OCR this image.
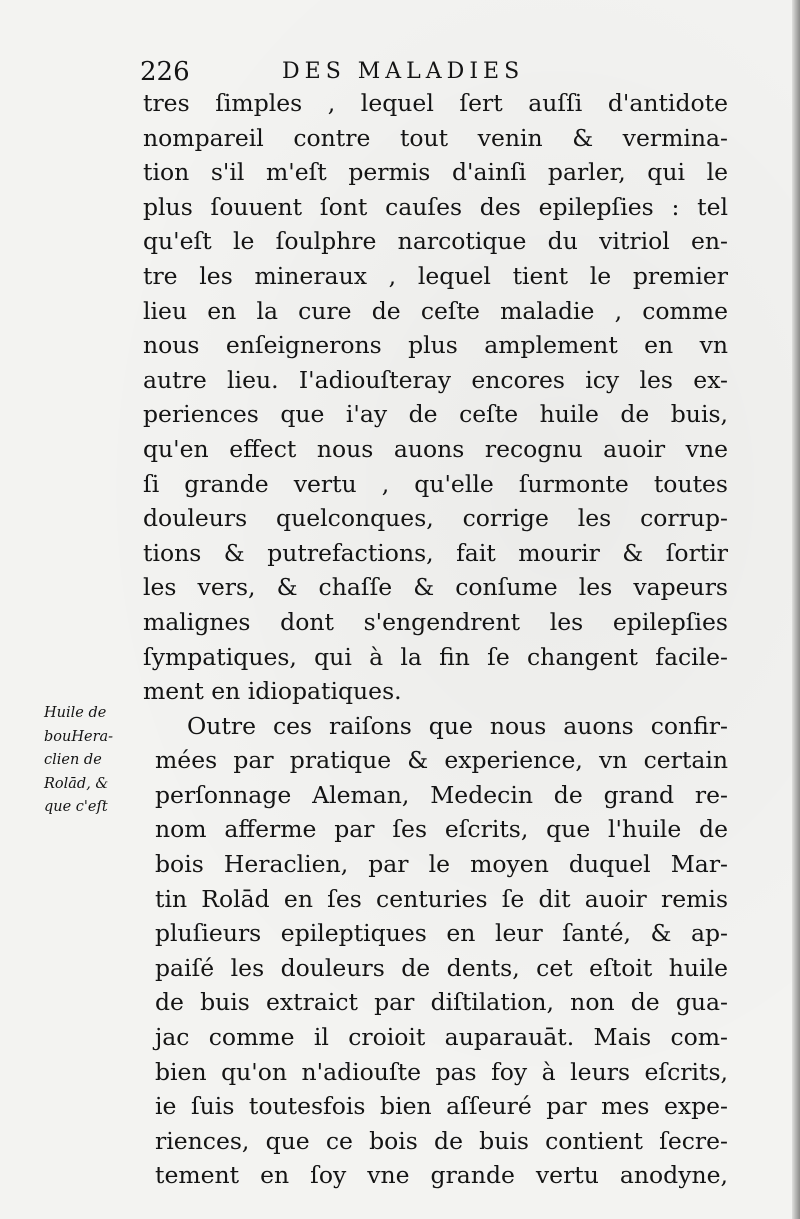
226	DES MALADIES
tres ſimples , lequel ſert auſſi d'antidote
nompareil contre tout venin & vermina-
tion s'il m'eſt permis d'ainſi parler, qui le
plus ſouuent ſont cauſes des epilepſies : tel
qu'eſt le ſoulphre narcotique du vitriol en-
tre les mineraux , lequel tient le premier
lieu en la cure de ceſte maladie , comme
nous enſeignerons plus amplement en vn
autre lieu. I'adiouſteray encores icy les ex-
periences que i'ay de ceſte huile de buis,
qu'en effect nous auons recognu auoir vne
ſi grande vertu , qu'elle ſurmonte toutes
douleurs quelconques, corrige les corrup-
tions & putrefactions, fait mourir & ſortir
les vers, & chaſſe & conſume les vapeurs
malignes dont s'engendrent les epilepſies
ſympatiques, qui à la fin ſe changent facile-
ment en idiopatiques.
Outre ces raiſons que nous auons confir-
mées par pratique & experience, vn certain
perſonnage Aleman, Medecin de grand re-
nom afferme par ſes eſcrits, que l'huile de
bois Heraclien, par le moyen duquel Mar-
tin Rolād en ſes centuries ſe dit auoir remis
pluſieurs epileptiques en leur ſanté, & ap-
paiſé les douleurs de dents, cet eſtoit huile
de buis extraict par diſtilation, non de gua-
jac comme il croioit auparauāt. Mais com-
bien qu'on n'adiouſte pas foy à leurs eſcrits,
ie ſuis toutesfois bien aſſeuré par mes expe-
riences, que ce bois de buis contient ſecre-
tement en ſoy vne grande vertu anodyne,
Huile de
bouHera-
clien de
Rolād, &
que c'eſt
